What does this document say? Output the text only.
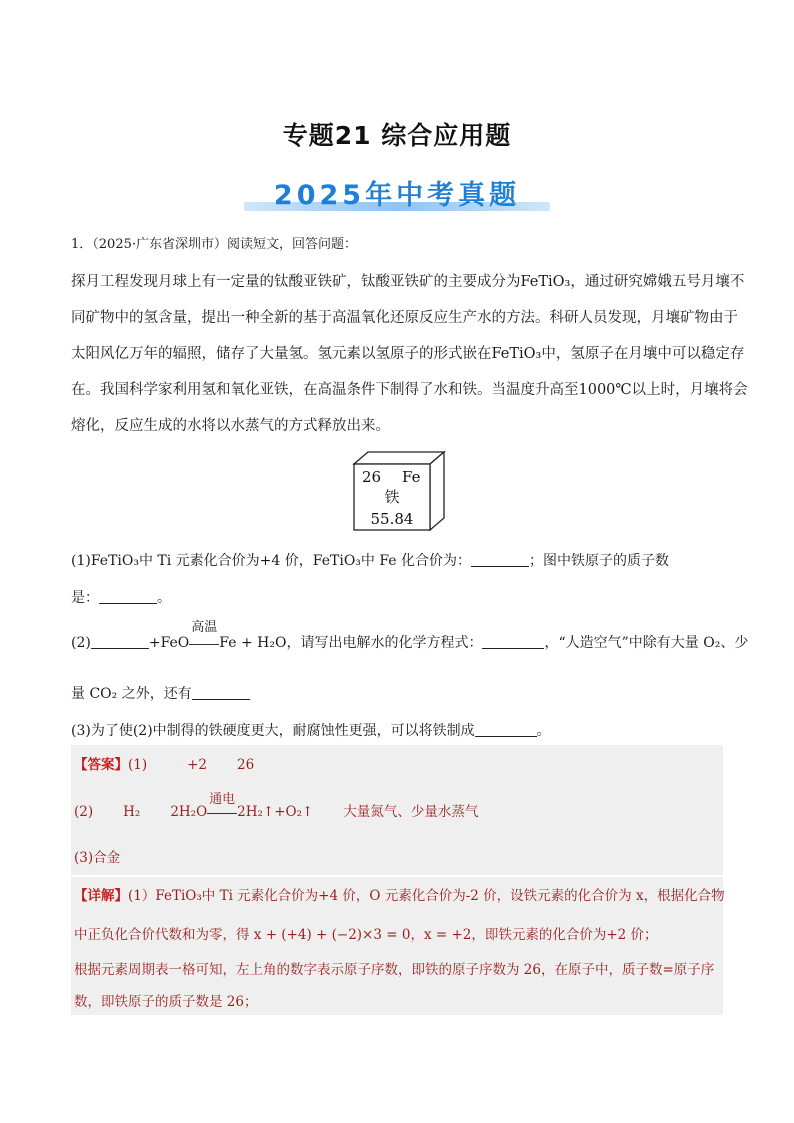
专题21 综合应用题
2025年中考真题
1．（2025·广东省深圳市）阅读短文，回答问题：
探月工程发现月球上有一定量的钛酸亚铁矿，钛酸亚铁矿的主要成分为FeTiO₃，通过研究嫦娥五号月壤不
同矿物中的氢含量，提出一种全新的基于高温氧化还原反应生产水的方法。科研人员发现，月壤矿物由于
太阳风亿万年的辐照，储存了大量氢。氢元素以氢原子的形式嵌在FeTiO₃中，氢原子在月壤中可以稳定存
在。我国科学家利用氢和氧化亚铁，在高温条件下制得了水和铁。当温度升高至1000℃以上时，月壤将会
熔化，反应生成的水将以水蒸气的方式释放出来。
26 Fe
铁
55.84
(1)FeTiO₃中 Ti 元素化合价为+4 价，FeTiO₃中 Fe 化合价为：	；图中铁原子的质子数
是：	。
(2)	+FeO
高温
Fe + H₂O，请写出电解水的化学方程式：	，“人造空气”中除有大量 O₂、少
量 CO₂ 之外，还有
(3)为了使(2)中制得的铁硬度更大，耐腐蚀性更强，可以将铁制成	。
【答案】(1)	+2 26
(2) H₂ 2H₂O
通电
2H₂↑+O₂↑ 大量氮气、少量水蒸气
(3)合金
【详解】(1）FeTiO₃中 Ti 元素化合价为+4 价，O 元素化合价为-2 价，设铁元素的化合价为 x，根据化合物
中正负化合价代数和为零，得 x + (+4) + (−2)×3 = 0，x = +2，即铁元素的化合价为+2 价；
根据元素周期表一格可知，左上角的数字表示原子序数，即铁的原子序数为 26，在原子中，质子数=原子序
数，即铁原子的质子数是 26；
